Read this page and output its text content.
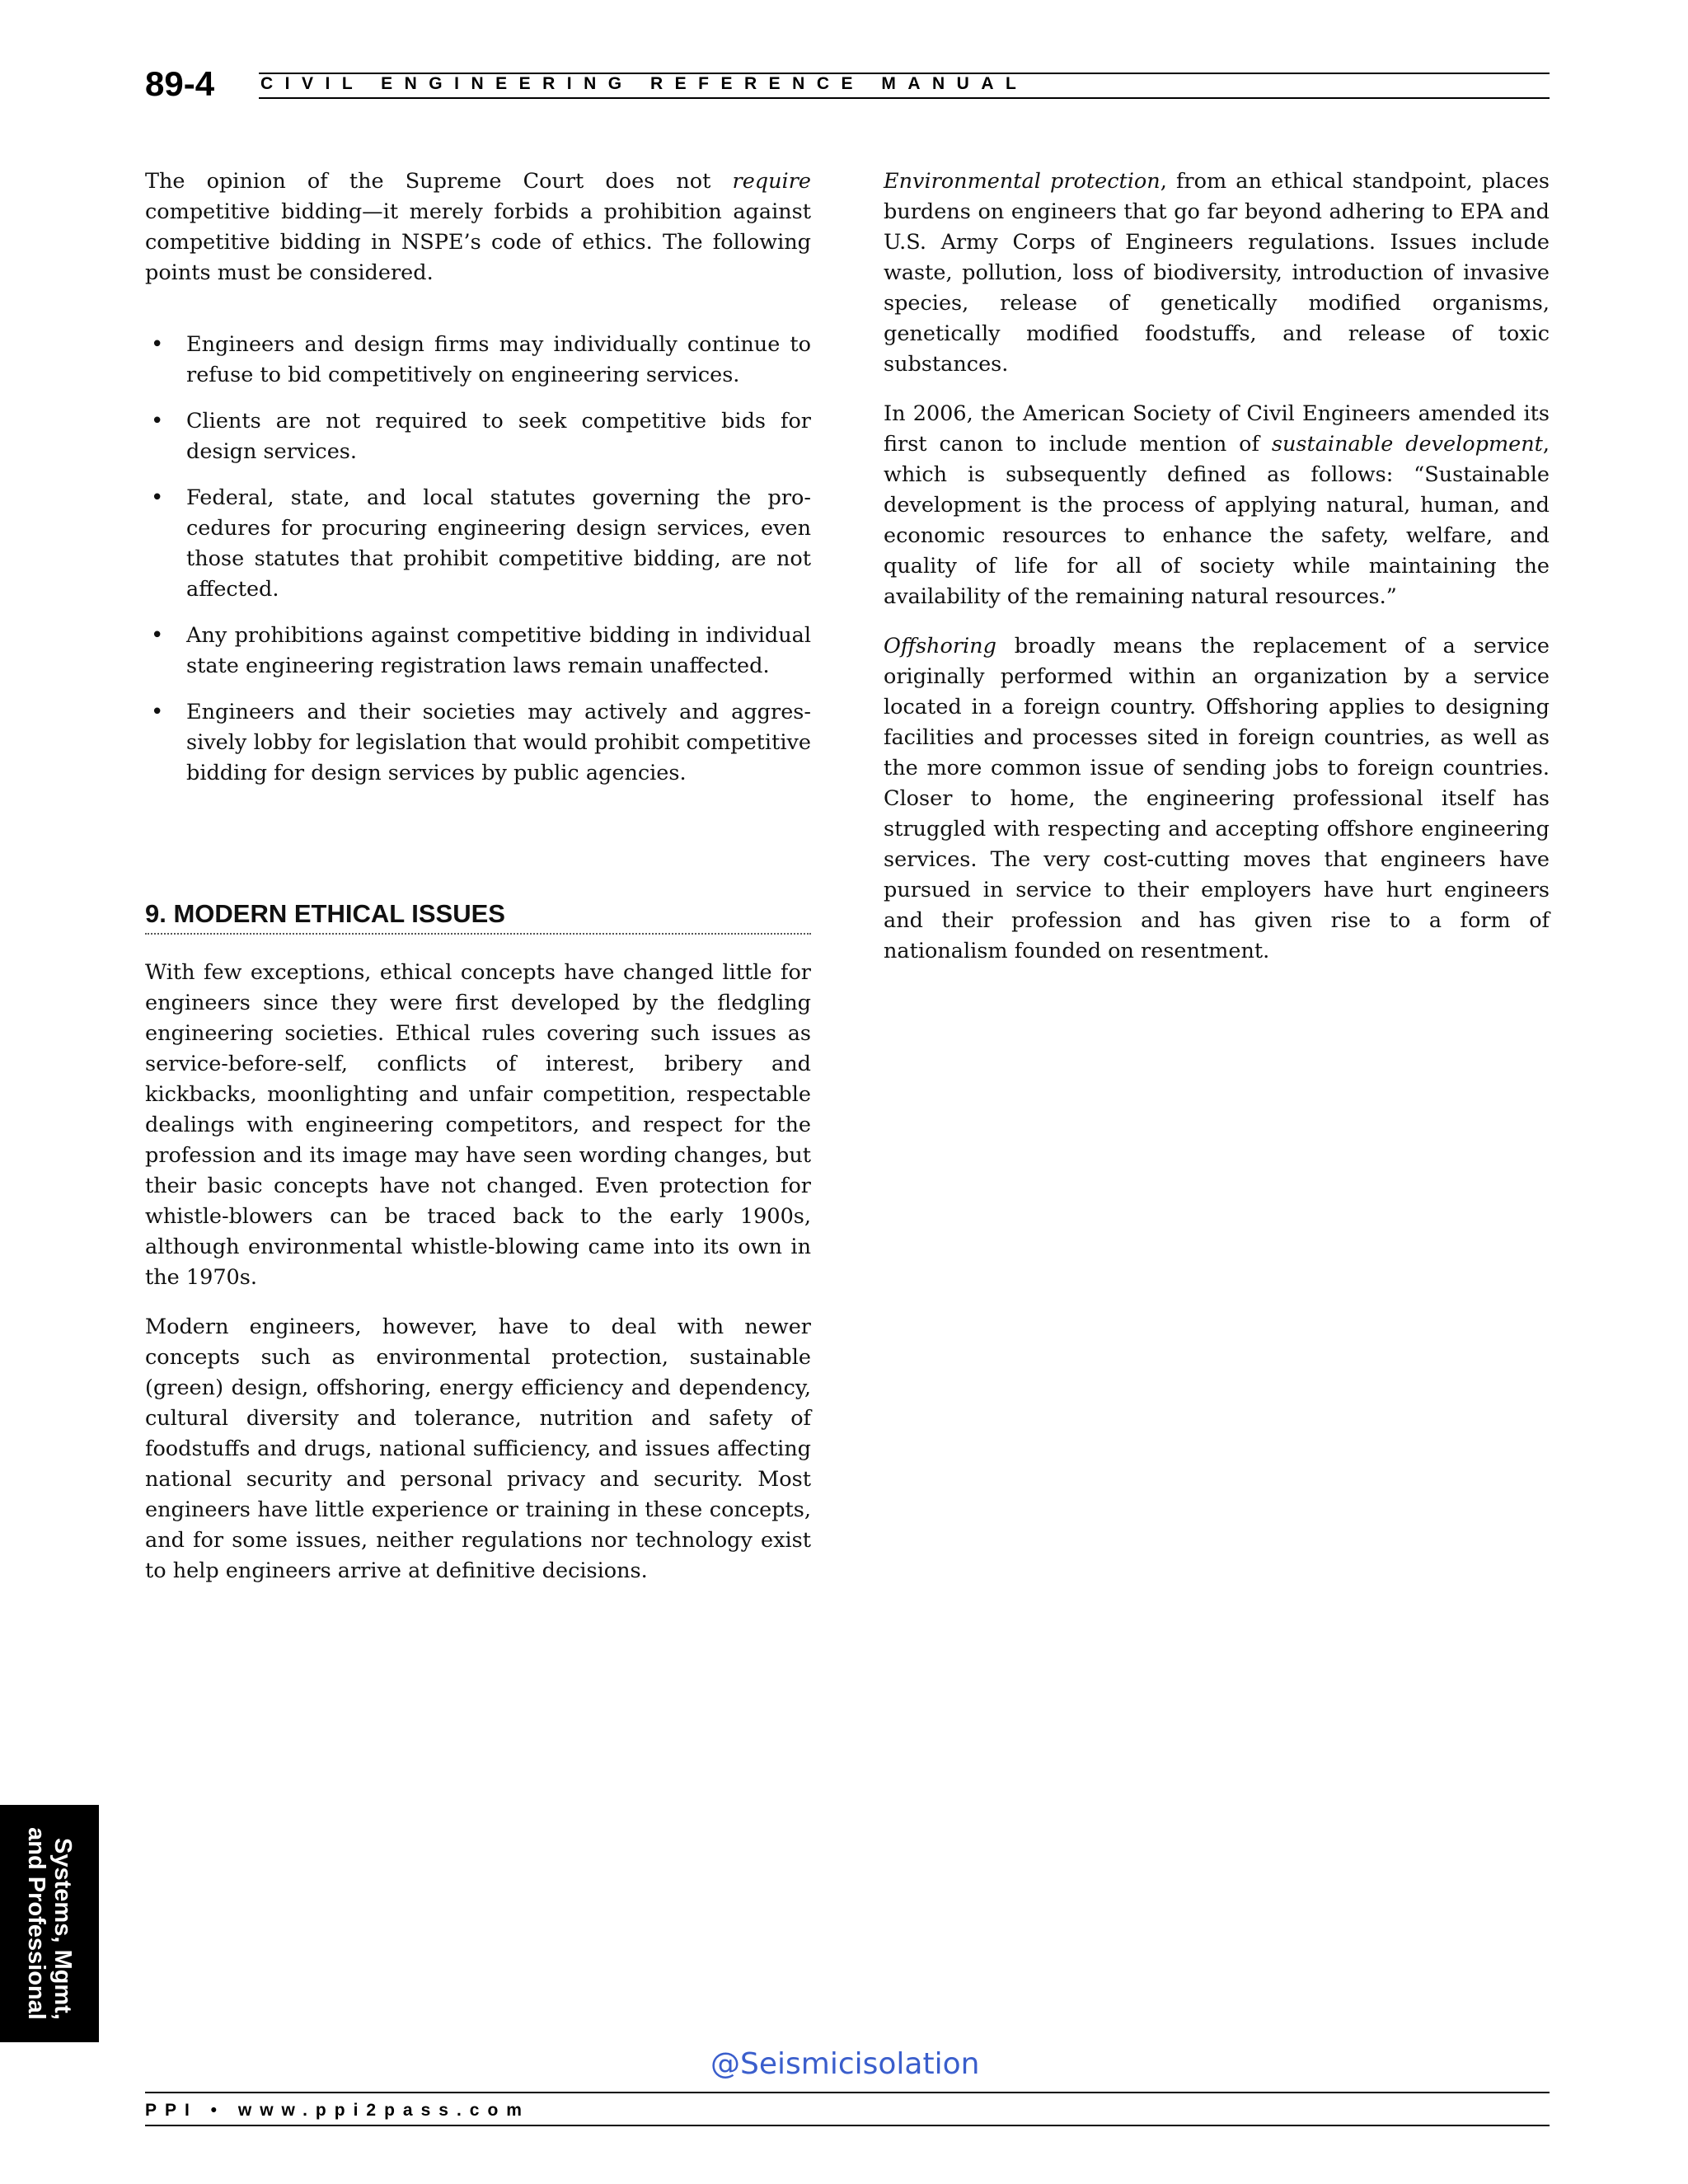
89-4	CIVIL ENGINEERING REFERENCE MANUAL

The opinion of the Supreme Court does not require competitive bidding—it merely forbids a prohibition against competitive bidding in NSPE’s code of ethics. The following points must be considered.

• Engineers and design firms may individually continue to refuse to bid competitively on engineering services.
• Clients are not required to seek competitive bids for design services.
• Federal, state, and local statutes governing the procedures for procuring engineering design services, even those statutes that prohibit competitive bidding, are not affected.
• Any prohibitions against competitive bidding in individual state engineering registration laws remain unaffected.
• Engineers and their societies may actively and aggressively lobby for legislation that would prohibit competitive bidding for design services by public agencies.
9. MODERN ETHICAL ISSUES

With few exceptions, ethical concepts have changed little for engineers since they were first developed by the fledgling engineering societies. Ethical rules covering such issues as service-before-self, conflicts of interest, bribery and kickbacks, moonlighting and unfair competition, respectable dealings with engineering competitors, and respect for the profession and its image may have seen wording changes, but their basic concepts have not changed. Even protection for whistle-blowers can be traced back to the early 1900s, although environmental whistle-blowing came into its own in the 1970s.

Modern engineers, however, have to deal with newer concepts such as environmental protection, sustainable (green) design, offshoring, energy efficiency and dependency, cultural diversity and tolerance, nutrition and safety of foodstuffs and drugs, national sufficiency, and issues affecting national security and personal privacy and security. Most engineers have little experience or training in these concepts, and for some issues, neither regulations nor technology exist to help engineers arrive at definitive decisions.

Environmental protection, from an ethical standpoint, places burdens on engineers that go far beyond adhering to EPA and U.S. Army Corps of Engineers regulations. Issues include waste, pollution, loss of biodiversity, introduction of invasive species, release of genetically modified organisms, genetically modified foodstuffs, and release of toxic substances.

In 2006, the American Society of Civil Engineers amended its first canon to include mention of sustainable development, which is subsequently defined as follows: “Sustainable development is the process of applying natural, human, and economic resources to enhance the safety, welfare, and quality of life for all of society while maintaining the availability of the remaining natural resources.”

Offshoring broadly means the replacement of a service originally performed within an organization by a service located in a foreign country. Offshoring applies to designing facilities and processes sited in foreign countries, as well as the more common issue of sending jobs to foreign countries. Closer to home, the engineering professional itself has struggled with respecting and accepting offshore engineering services. The very cost-cutting moves that engineers have pursued in service to their employers have hurt engineers and their profession and has given rise to a form of nationalism founded on resentment.

Systems, Mgmt,
and Professional
@Seismicisolation
PPI • www.ppi2pass.com
